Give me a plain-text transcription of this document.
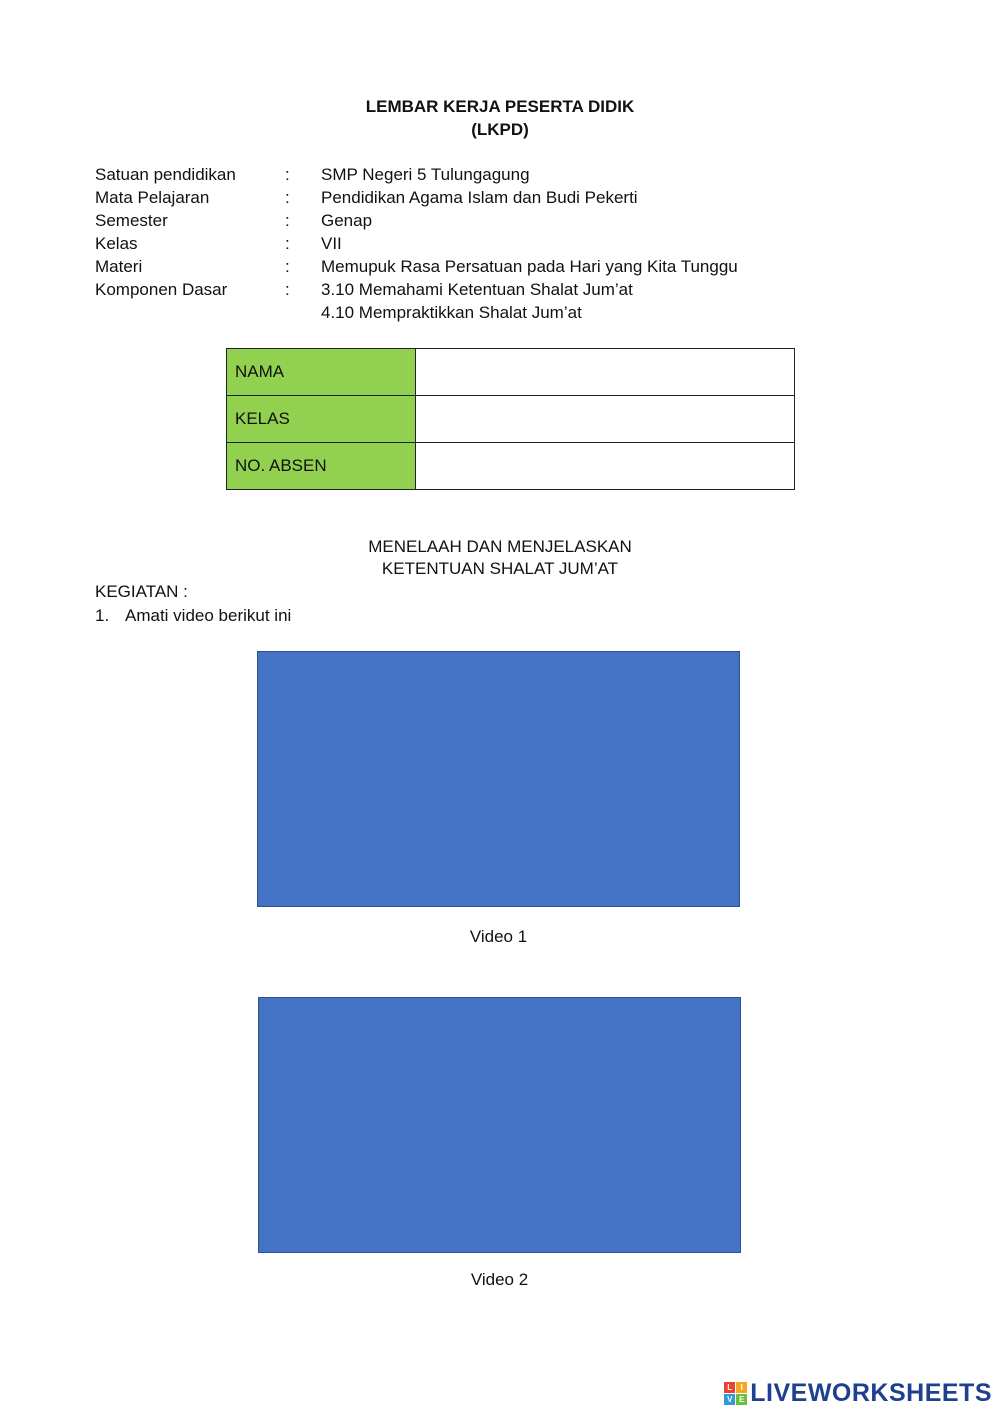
LEMBAR KERJA PESERTA DIDIK
(LKPD)
Satuan pendidikan	: SMP Negeri 5 Tulungagung
Mata Pelajaran	: Pendidikan Agama Islam dan Budi Pekerti
Semester	: Genap
Kelas	: VII
Materi	: Memupuk Rasa Persatuan pada Hari yang Kita Tunggu
Komponen Dasar	: 3.10 Memahami Ketentuan Shalat Jum’at
4.10 Mempraktikkan Shalat Jum’at
NAMA	
KELAS	
NO. ABSEN	
MENELAAH DAN MENJELASKAN
KETENTUAN SHALAT JUM’AT
KEGIATAN :
1. Amati video berikut ini
Video 1
Video 2
L	I
V E LIVEWORKSHEETS
